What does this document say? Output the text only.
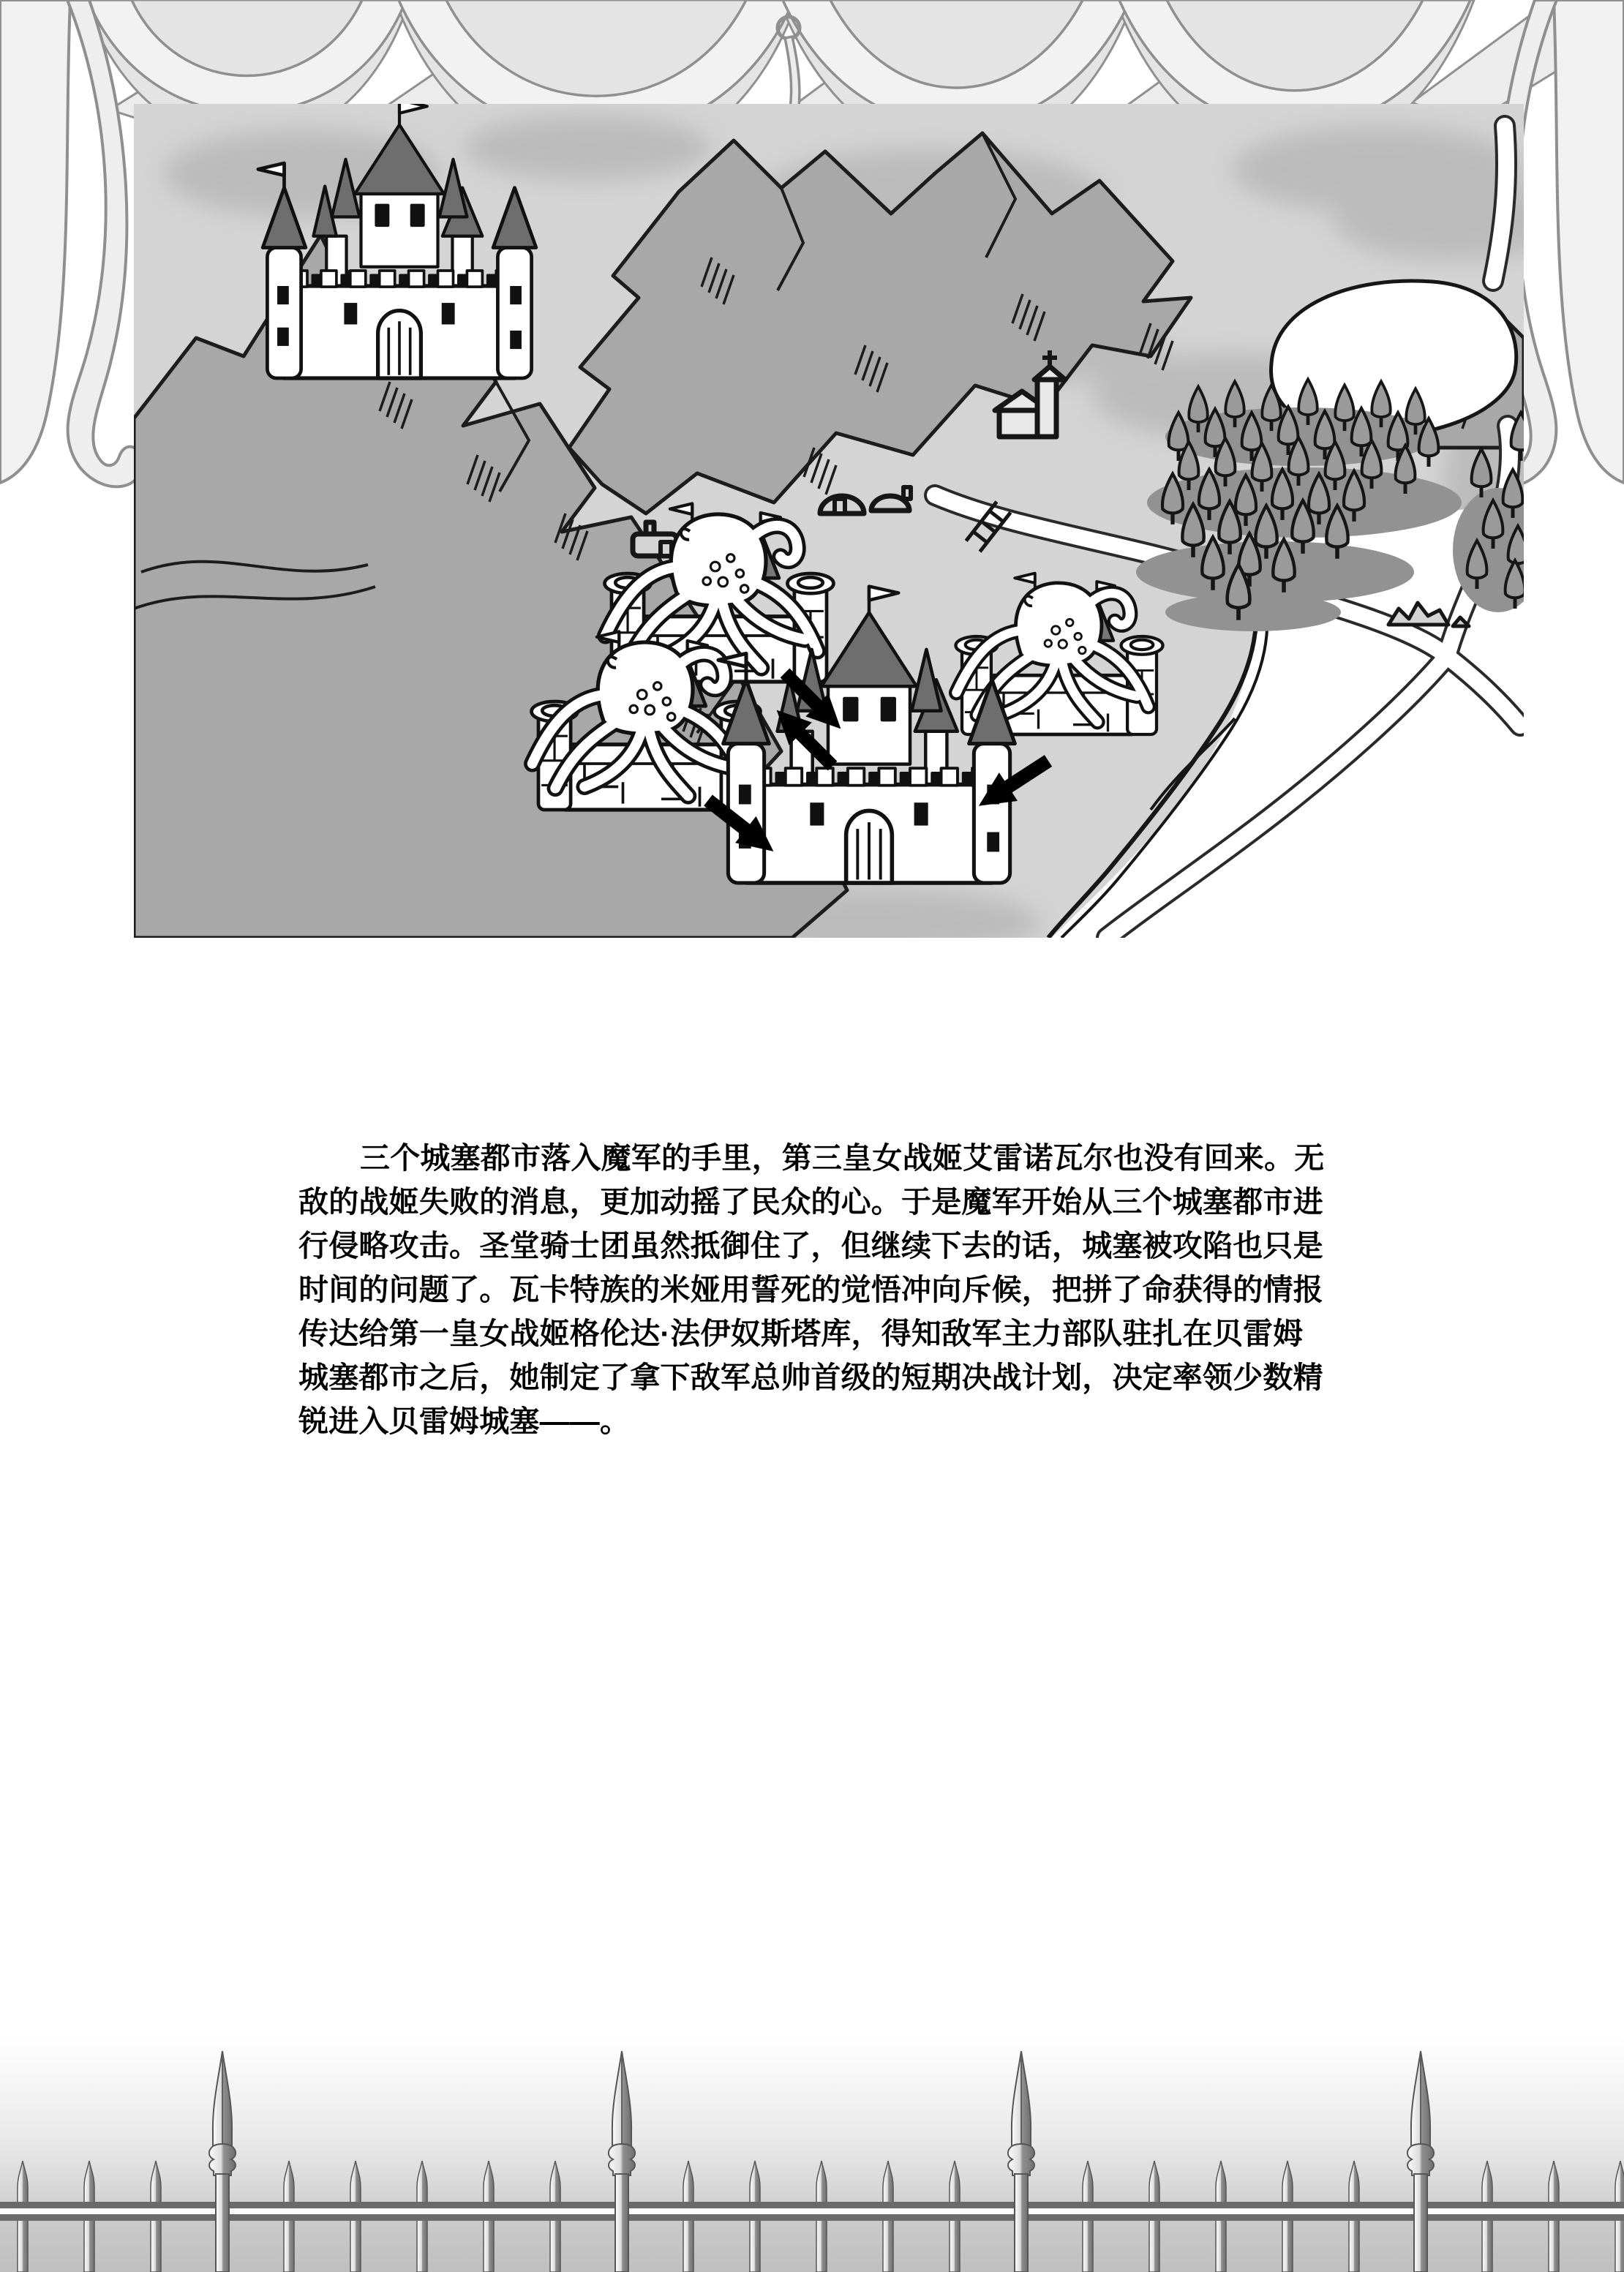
三个城塞都市落入魔军的手里，第三皇女战姬艾雷诺瓦尔也没有回来。无
敌的战姬失败的消息，更加动摇了民众的心。于是魔军开始从三个城塞都市进
行侵略攻击。圣堂骑士团虽然抵御住了，但继续下去的话，城塞被攻陷也只是
时间的问题了。瓦卡特族的米娅用誓死的觉悟冲向斥候，把拼了命获得的情报
传达给第一皇女战姬格伦达·法伊奴斯塔库，得知敌军主力部队驻扎在贝雷姆
城塞都市之后，她制定了拿下敌军总帅首级的短期决战计划，决定率领少数精
锐进入贝雷姆城塞——。
